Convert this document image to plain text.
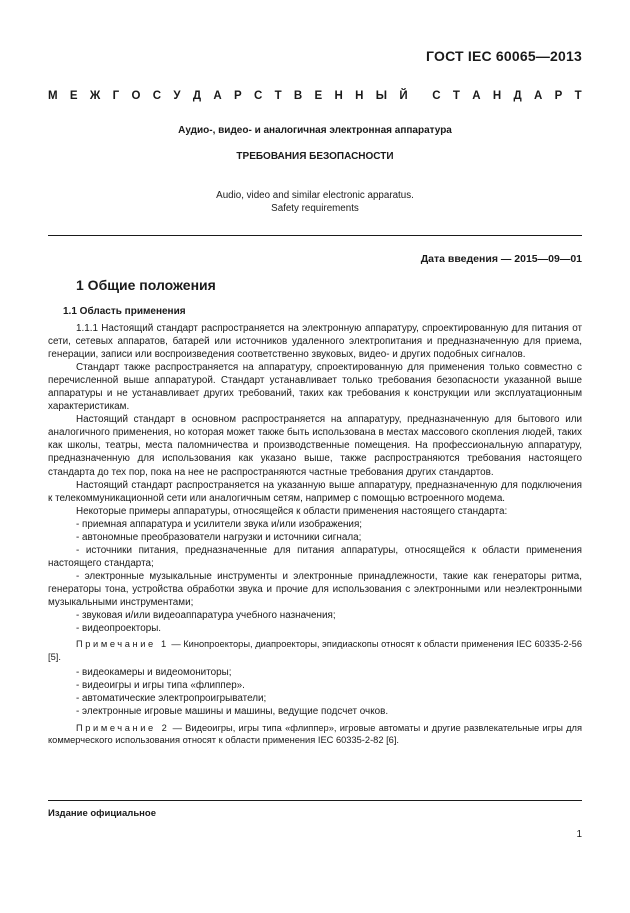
ГОСТ IEC 60065—2013
М Е Ж Г О С У Д А Р С Т В Е Н Н Ы Й С Т А Н Д А Р Т
Аудио-, видео- и аналогичная электронная аппаратура
ТРЕБОВАНИЯ БЕЗОПАСНОСТИ
Audio, video and similar electronic apparatus.
Safety requirements
Дата введения — 2015—09—01
1 Общие положения
1.1 Область применения

1.1.1 Настоящий стандарт распространяется на электронную аппаратуру, спроектированную для питания от сети, сетевых аппаратов, батарей или источников удаленного электропитания и предназначенную для приема, генерации, записи или воспроизведения соответственно звуковых, видео- и других подобных сигналов.

Стандарт также распространяется на аппаратуру, спроектированную для применения только совместно с перечисленной выше аппаратурой. Стандарт устанавливает только требования безопасности указанной выше аппаратуры и не устанавливает других требований, таких как требования к конструкции или эксплуатационным характеристикам.

Настоящий стандарт в основном распространяется на аппаратуру, предназначенную для бытового или аналогичного применения, но которая может также быть использована в местах массового скопления людей, таких как школы, театры, места паломничества и производственные помещения. На профессиональную аппаратуру, предназначенную для использования как указано выше, также распространяются требования настоящего стандарта до тех пор, пока на нее не распространяются частные требования других стандартов.

Настоящий стандарт распространяется на указанную выше аппаратуру, предназначенную для подключения к телекоммуникационной сети или аналогичным сетям, например с помощью встроенного модема.

Некоторые примеры аппаратуры, относящейся к области применения настоящего стандарта:

- приемная аппаратура и усилители звука и/или изображения;

- автономные преобразователи нагрузки и источники сигнала;

- источники питания, предназначенные для питания аппаратуры, относящейся к области применения настоящего стандарта;

- электронные музыкальные инструменты и электронные принадлежности, такие как генераторы ритма, генераторы тона, устройства обработки звука и прочие для использования с электронными или неэлектронными музыкальными инструментами;

- звуковая и/или видеоаппаратура учебного назначения;

- видеопроекторы.

Примечание 1 — Кинопроекторы, диапроекторы, эпидиаскопы относят к области применения IEC 60335-2-56 [5].

- видеокамеры и видеомониторы;

- видеоигры и игры типа «флиппер».

- автоматические электропроигрыватели;

- электронные игровые машины и машины, ведущие подсчет очков.

Примечание 2 — Видеоигры, игры типа «флиппер», игровые автоматы и другие развлекательные игры для коммерческого использования относят к области применения IEC 60335-2-82 [6].

Издание официальное
1
